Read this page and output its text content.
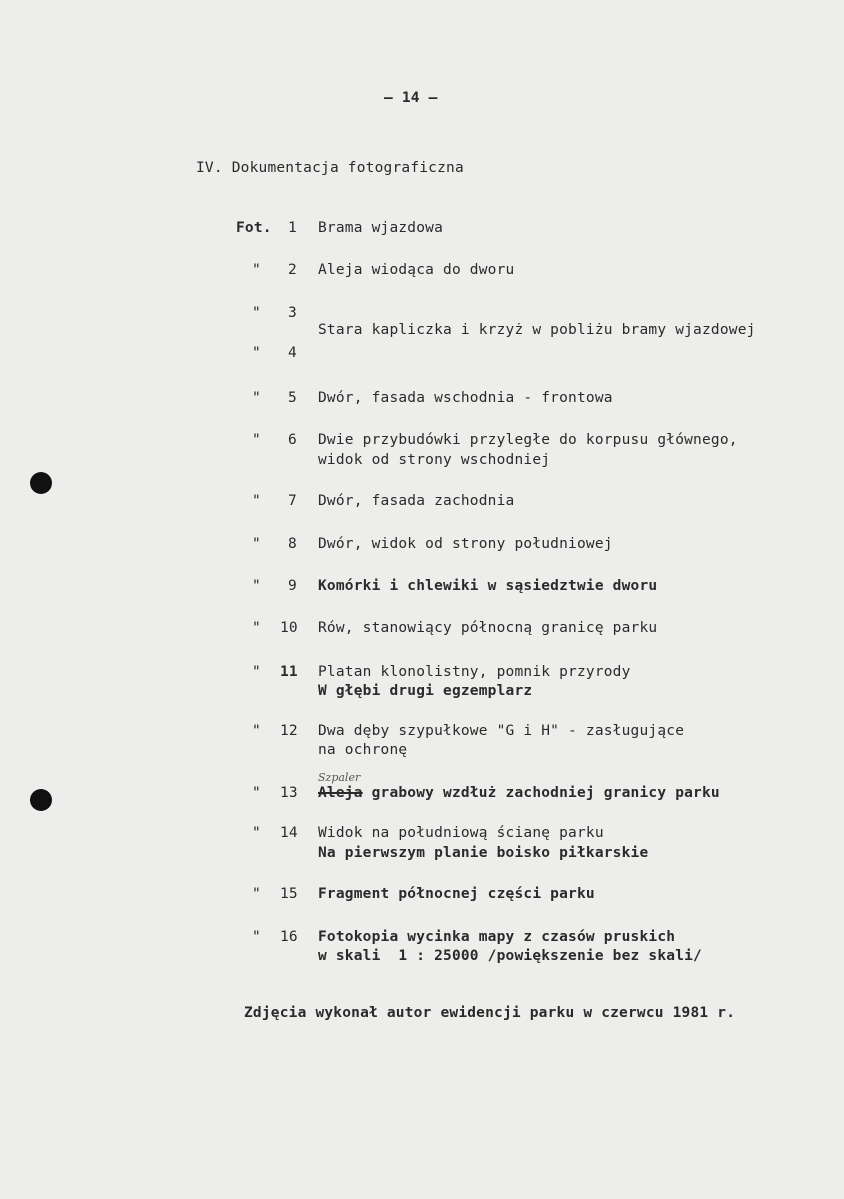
– 14 –
IV. Dokumentacja fotograficzna
Fot. 1 Brama wjazdowa
" 2 Aleja wiodąca do dworu
" 3
Stara kapliczka i krzyż w pobliżu bramy wjazdowej
" 4
" 5 Dwór, fasada wschodnia - frontowa
" 6 Dwie przybudówki przyległe do korpusu głównego,
widok od strony wschodniej
" 7 Dwór, fasada zachodnia
" 8 Dwór, widok od strony południowej
" 9 Komórki i chlewiki w sąsiedztwie dworu
" 10 Rów, stanowiący północną granicę parku
" 11 Platan klonolistny, pomnik przyrody
W głębi drugi egzemplarz
" 12 Dwa dęby szypułkowe "G i H" - zasługujące
na ochronę
Szpaler
" 13 Aleja grabowy wzdłuż zachodniej granicy parku
" 14 Widok na południową ścianę parku
Na pierwszym planie boisko piłkarskie
" 15 Fragment północnej części parku
" 16 Fotokopia wycinka mapy z czasów pruskich
w skali  1 : 25000 /powiększenie bez skali/
Zdjęcia wykonał autor ewidencji parku w czerwcu 1981 r.
